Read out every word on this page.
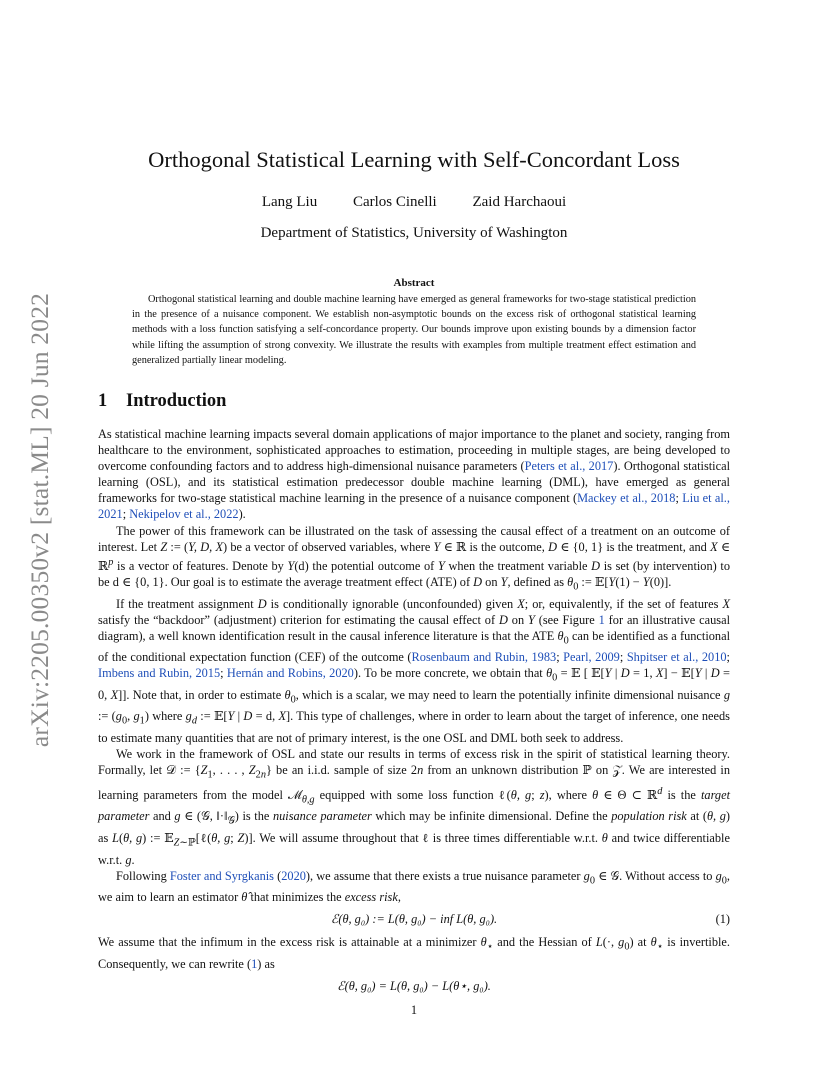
arXiv:2205.00350v2 [stat.ML] 20 Jun 2022
Orthogonal Statistical Learning with Self-Concordant Loss
Lang Liu Carlos Cinelli Zaid Harchaoui
Department of Statistics, University of Washington
Abstract

Orthogonal statistical learning and double machine learning have emerged as general frameworks for two-stage statistical prediction in the presence of a nuisance component. We establish non-asymptotic bounds on the excess risk of orthogonal statistical learning methods with a loss function satisfying a self-concordance property. Our bounds improve upon existing bounds by a dimension factor while lifting the assumption of strong convexity. We illustrate the results with examples from multiple treatment effect estimation and generalized partially linear modeling.

1 Introduction

As statistical machine learning impacts several domain applications of major importance to the planet and society, ranging from healthcare to the environment, sophisticated approaches to estimation, proceeding in multiple stages, are being developed to overcome confounding factors and to address high-dimensional nuisance parameters (Peters et al., 2017). Orthogonal statistical learning (OSL), and its statistical estimation predecessor double machine learning (DML), have emerged as general frameworks for two-stage statistical machine learning in the presence of a nuisance component (Mackey et al., 2018; Liu et al., 2021; Nekipelov et al., 2022).

The power of this framework can be illustrated on the task of assessing the causal effect of a treatment on an outcome of interest. Let Z := (Y, D, X) be a vector of observed variables, where Y ∈ ℝ is the outcome, D ∈ {0, 1} is the treatment, and X ∈ ℝ$^p$ is a vector of features. Denote by Y(d) the potential outcome of Y when the treatment variable D is set (by intervention) to be d ∈ {0, 1}. Our goal is to estimate the average treatment effect (ATE) of D on Y, defined as $\theta_0$ := 𝔼[Y(1) − Y(0)].

If the treatment assignment D is conditionally ignorable (unconfounded) given X; or, equivalently, if the set of features X satisfy the “backdoor” (adjustment) criterion for estimating the causal effect of D on Y (see Figure 1 for an illustrative causal diagram), a well known identification result in the causal inference literature is that the ATE $\theta_0$ can be identified as a functional of the conditional expectation function (CEF) of the outcome (Rosenbaum and Rubin, 1983; Pearl, 2009; Shpitser et al., 2010; Imbens and Rubin, 2015; Hernán and Robins, 2020). To be more concrete, we obtain that $\theta_0$ = 𝔼 [ 𝔼[Y | D = 1, X] − 𝔼[Y | D = 0, X]]. Note that, in order to estimate $\theta_0$, which is a scalar, we may need to learn the potentially infinite dimensional nuisance g := ($g_0$, $g_1$) where $g_d$ := 𝔼[Y | D = d, X]. This type of challenges, where in order to learn about the target of inference, one needs to estimate many quantities that are not of primary interest, is the one OSL and DML both seek to address.

We work in the framework of OSL and state our results in terms of excess risk in the spirit of statistical learning theory. Formally, let 𝒟 := {$Z_1$, . . . , $Z_{2n}$} be an i.i.d. sample of size 2n from an unknown distribution ℙ on 𝒵. We are interested in learning parameters from the model ℳ$_{\theta,g}$ equipped with some loss function ℓ(θ, g; z), where θ ∈ Θ ⊂ ℝ$^d$ is the target parameter and g ∈ (𝒢, $‖\cdot‖_𝒢$) is the nuisance parameter which may be infinite dimensional. Define the population risk at (θ, g) as L(θ, g) := 𝔼$_{Z\sim ℙ}$[ℓ(θ, g; Z)]. We will assume throughout that ℓ is three times differentiable w.r.t. θ and twice differentiable w.r.t. g.

Following Foster and Syrgkanis (2020), we assume that there exists a true nuisance parameter $g_0$ ∈ 𝒢. Without access to $g_0$, we aim to learn an estimator θ̂ that minimizes the excess risk,

ℰ(θ, g₀) := L(θ, g₀) − inf L(θ, g₀).	(1)

We assume that the infimum in the excess risk is attainable at a minimizer $\theta_⋆$ and the Hessian of L(·, $g_0$) at $\theta_⋆$ is invertible. Consequently, we can rewrite (1) as

ℰ(θ, g₀) = L(θ, g₀) − L(θ⋆, g₀).
1
